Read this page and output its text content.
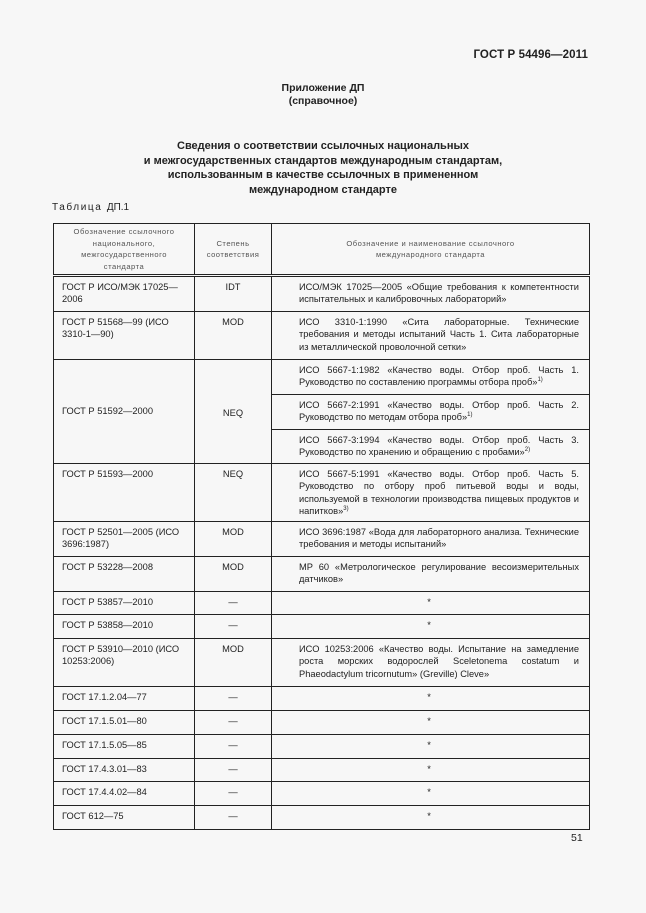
ГОСТ Р 54496—2011
Приложение ДП
(справочное)
Сведения о соответствии ссылочных национальных
и межгосударственных стандартов международным стандартам,
использованным в качестве ссылочных в примененном
международном стандарте
Таблица ДП.1
Обозначение ссылочного национального, межгосударственного стандарта	Степень соответствия	Обозначение и наименование ссылочного международного стандарта
ГОСТ Р ИСО/МЭК 17025—2006	IDT	ИСО/МЭК 17025—2005 «Общие требования к компетентности испытательных и калибровочных лабораторий»

ГОСТ Р 51568—99 (ИСО 3310-1—90)	MOD	ИСО 3310-1:1990 «Сита лабораторные. Технические требования и методы испытаний Часть 1. Сита лабораторные из металлической проволочной сетки»

ГОСТ Р 51592—2000	NEQ	ИСО 5667-1:1982 «Качество воды. Отбор проб. Часть 1. Руководство по составлению программы отбора проб»$^{1)}$

		ИСО 5667-2:1991 «Качество воды. Отбор проб. Часть 2. Руководство по методам отбора проб»$^{1)}$

		ИСО 5667-3:1994 «Качество воды. Отбор проб. Часть 3. Руководство по хранению и обращению с пробами»$^{2)}$

ГОСТ Р 51593—2000	NEQ	ИСО 5667-5:1991 «Качество воды. Отбор проб. Часть 5. Руководство по отбору проб питьевой воды и воды, используемой в технологии производства пищевых продуктов и напитков»$^{3)}$

ГОСТ Р 52501—2005 (ИСО 3696:1987)	MOD	ИСО 3696:1987 «Вода для лабораторного анализа. Технические требования и методы испытаний»

ГОСТ Р 53228—2008	MOD	МР 60 «Метрологическое регулирование весоизмерительных датчиков»

ГОСТ Р 53857—2010	—	*
ГОСТ Р 53858—2010	—	*
ГОСТ Р 53910—2010 (ИСО 10253:2006)	MOD	ИСО 10253:2006 «Качество воды. Испытание на замедление роста морских водорослей Sceletonema costatum и Phaeodactylum tricornutum» (Greville) Cleve»

ГОСТ 17.1.2.04—77	—	*
ГОСТ 17.1.5.01—80	—	*
ГОСТ 17.1.5.05—85	—	*
ГОСТ 17.4.3.01—83	—	*
ГОСТ 17.4.4.02—84	—	*
ГОСТ 612—75	—	*
51
